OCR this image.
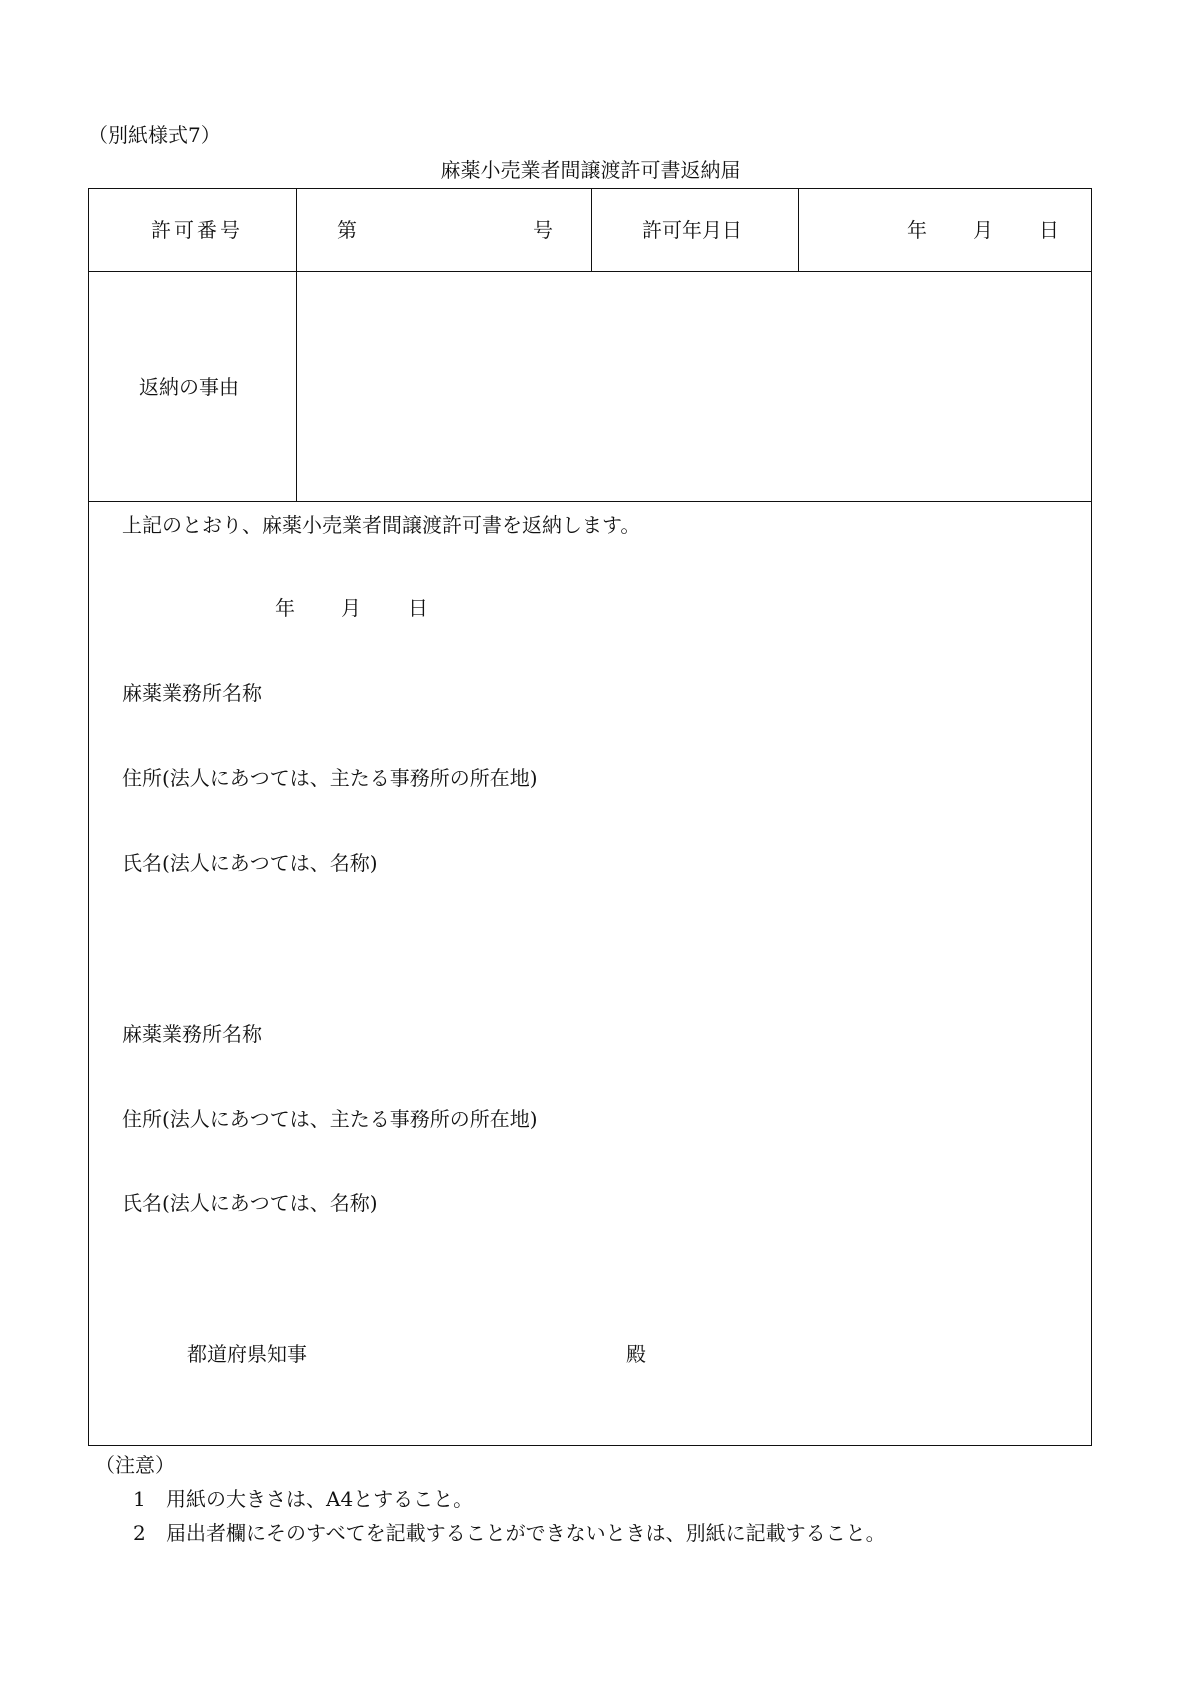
（別紙様式7）
麻薬小売業者間譲渡許可書返納届
許可番号	第	号	許可年月日	年 月 日
返納の事由
上記のとおり、麻薬小売業者間譲渡許可書を返納します。
年 月 日
麻薬業務所名称
住所(法人にあつては、主たる事務所の所在地)
氏名(法人にあつては、名称)
麻薬業務所名称
住所(法人にあつては、主たる事務所の所在地)
氏名(法人にあつては、名称)
都道府県知事	殿
（注意）
1 用紙の大きさは、A4とすること。
2 届出者欄にそのすべてを記載することができないときは、別紙に記載すること。
